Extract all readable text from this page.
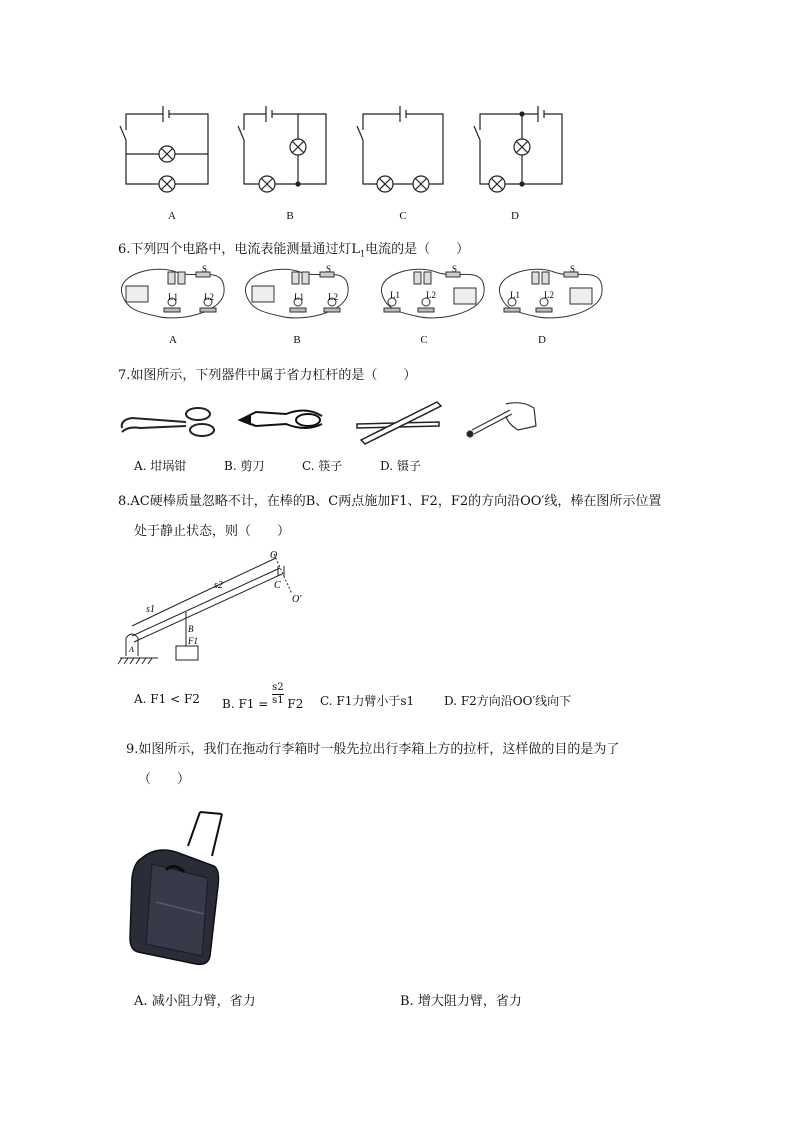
A	B	C	D
6.下列四个电路中，电流表能测量通过灯$L_1$电流的是（　　）
S
L1	L2
S
L1	L2
S
L1	L2
S
L1	L2
A	B	C	D
7.如图所示，下列器件中属于省力杠杆的是（　　）
A. 坩埚钳	B. 剪刀	C. 筷子	D. 镊子
8.AC硬棒质量忽略不计，在棒的B、C两点施加F1、F2，F2的方向沿OO′线，棒在图所示位置
处于静止状态，则（　　）
O
O′
C
s2
s1
B
F1
A
A. F1 < F2 B. $F1 = \frac{s2}{s1} F2$ C. F1力臂小于s1 D. F2方向沿OO′线向下
9.如图所示，我们在拖动行李箱时一般先拉出行李箱上方的拉杆，这样做的目的是为了
（　　）
A. 减小阻力臂，省力	B. 增大阻力臂，省力
